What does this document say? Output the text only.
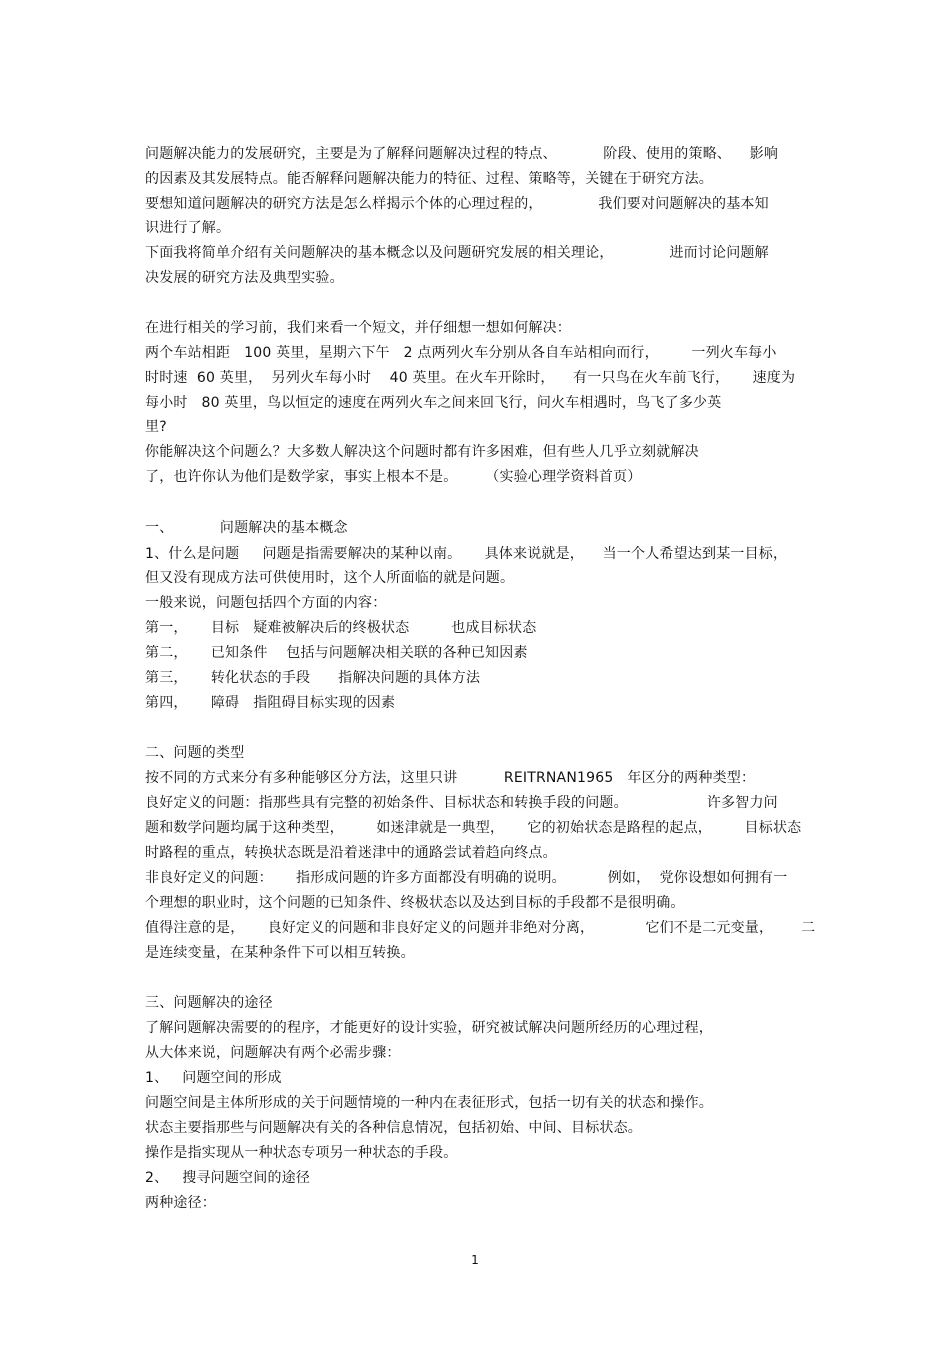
问题解决能力的发展研究，主要是为了解释问题解决过程的特点、          阶段、使用的策略、    影响

的因素及其发展特点。能否解释问题解决能力的特征、过程、策略等，关键在于研究方法。

要想知道问题解决的研究方法是怎么样揭示个体的心理过程的，            我们要对问题解决的基本知

识进行了解。

下面我将简单介绍有关问题解决的基本概念以及问题研究发展的相关理论，            进而讨论问题解

决发展的研究方法及典型实验。

在进行相关的学习前，我们来看一个短文，并仔细想一想如何解决：

两个车站相距   100 英里，星期六下午   2 点两列火车分别从各自车站相向而行，       一列火车每小

时时速  60 英里，  另列火车每小时    40 英里。在火车开除时，    有一只鸟在火车前飞行，     速度为

每小时   80 英里，鸟以恒定的速度在两列火车之间来回飞行，问火车相遇时，鸟飞了多少英

里?

你能解决这个问题么？大多数人解决这个问题时都有许多困难，但有些人几乎立刻就解决

了，也许你认为他们是数学家，事实上根本不是。      （实验心理学资料首页）

一、          问题解决的基本概念

1、什么是问题     问题是指需要解决的某种以南。     具体来说就是，    当一个人希望达到某一目标，

但又没有现成方法可供使用时，这个人所面临的就是问题。

一般来说，问题包括四个方面的内容：

第一，     目标   疑难被解决后的终极状态         也成目标状态

第二，     已知条件    包括与问题解决相关联的各种已知因素

第三，     转化状态的手段      指解决问题的具体方法

第四，     障碍   指阻碍目标实现的因素

二、问题的类型

按不同的方式来分有多种能够区分方法，这里只讲          REITRNAN1965   年区分的两种类型：

良好定义的问题：指那些具有完整的初始条件、目标状态和转换手段的问题。                 许多智力问

题和数学问题均属于这种类型，       如迷津就是一典型，     它的初始状态是路程的起点，       目标状态

时路程的重点，转换状态既是沿着迷津中的通路尝试着趋向终点。

非良好定义的问题：     指形成问题的许多方面都没有明确的说明。         例如，  党你设想如何拥有一

个理想的职业时，这个问题的已知条件、终极状态以及达到目标的手段都不是很明确。

值得注意的是，     良好定义的问题和非良好定义的问题并非绝对分离，           它们不是二元变量，      二

是连续变量，在某种条件下可以相互转换。

三、问题解决的途径

了解问题解决需要的的程序，才能更好的设计实验，研究被试解决问题所经历的心理过程，

从大体来说，问题解决有两个必需步骤：

1、   问题空间的形成

问题空间是主体所形成的关于问题情境的一种内在表征形式，包括一切有关的状态和操作。

状态主要指那些与问题解决有关的各种信息情况，包括初始、中间、目标状态。

操作是指实现从一种状态专项另一种状态的手段。

2、   搜寻问题空间的途径

两种途径：

1
